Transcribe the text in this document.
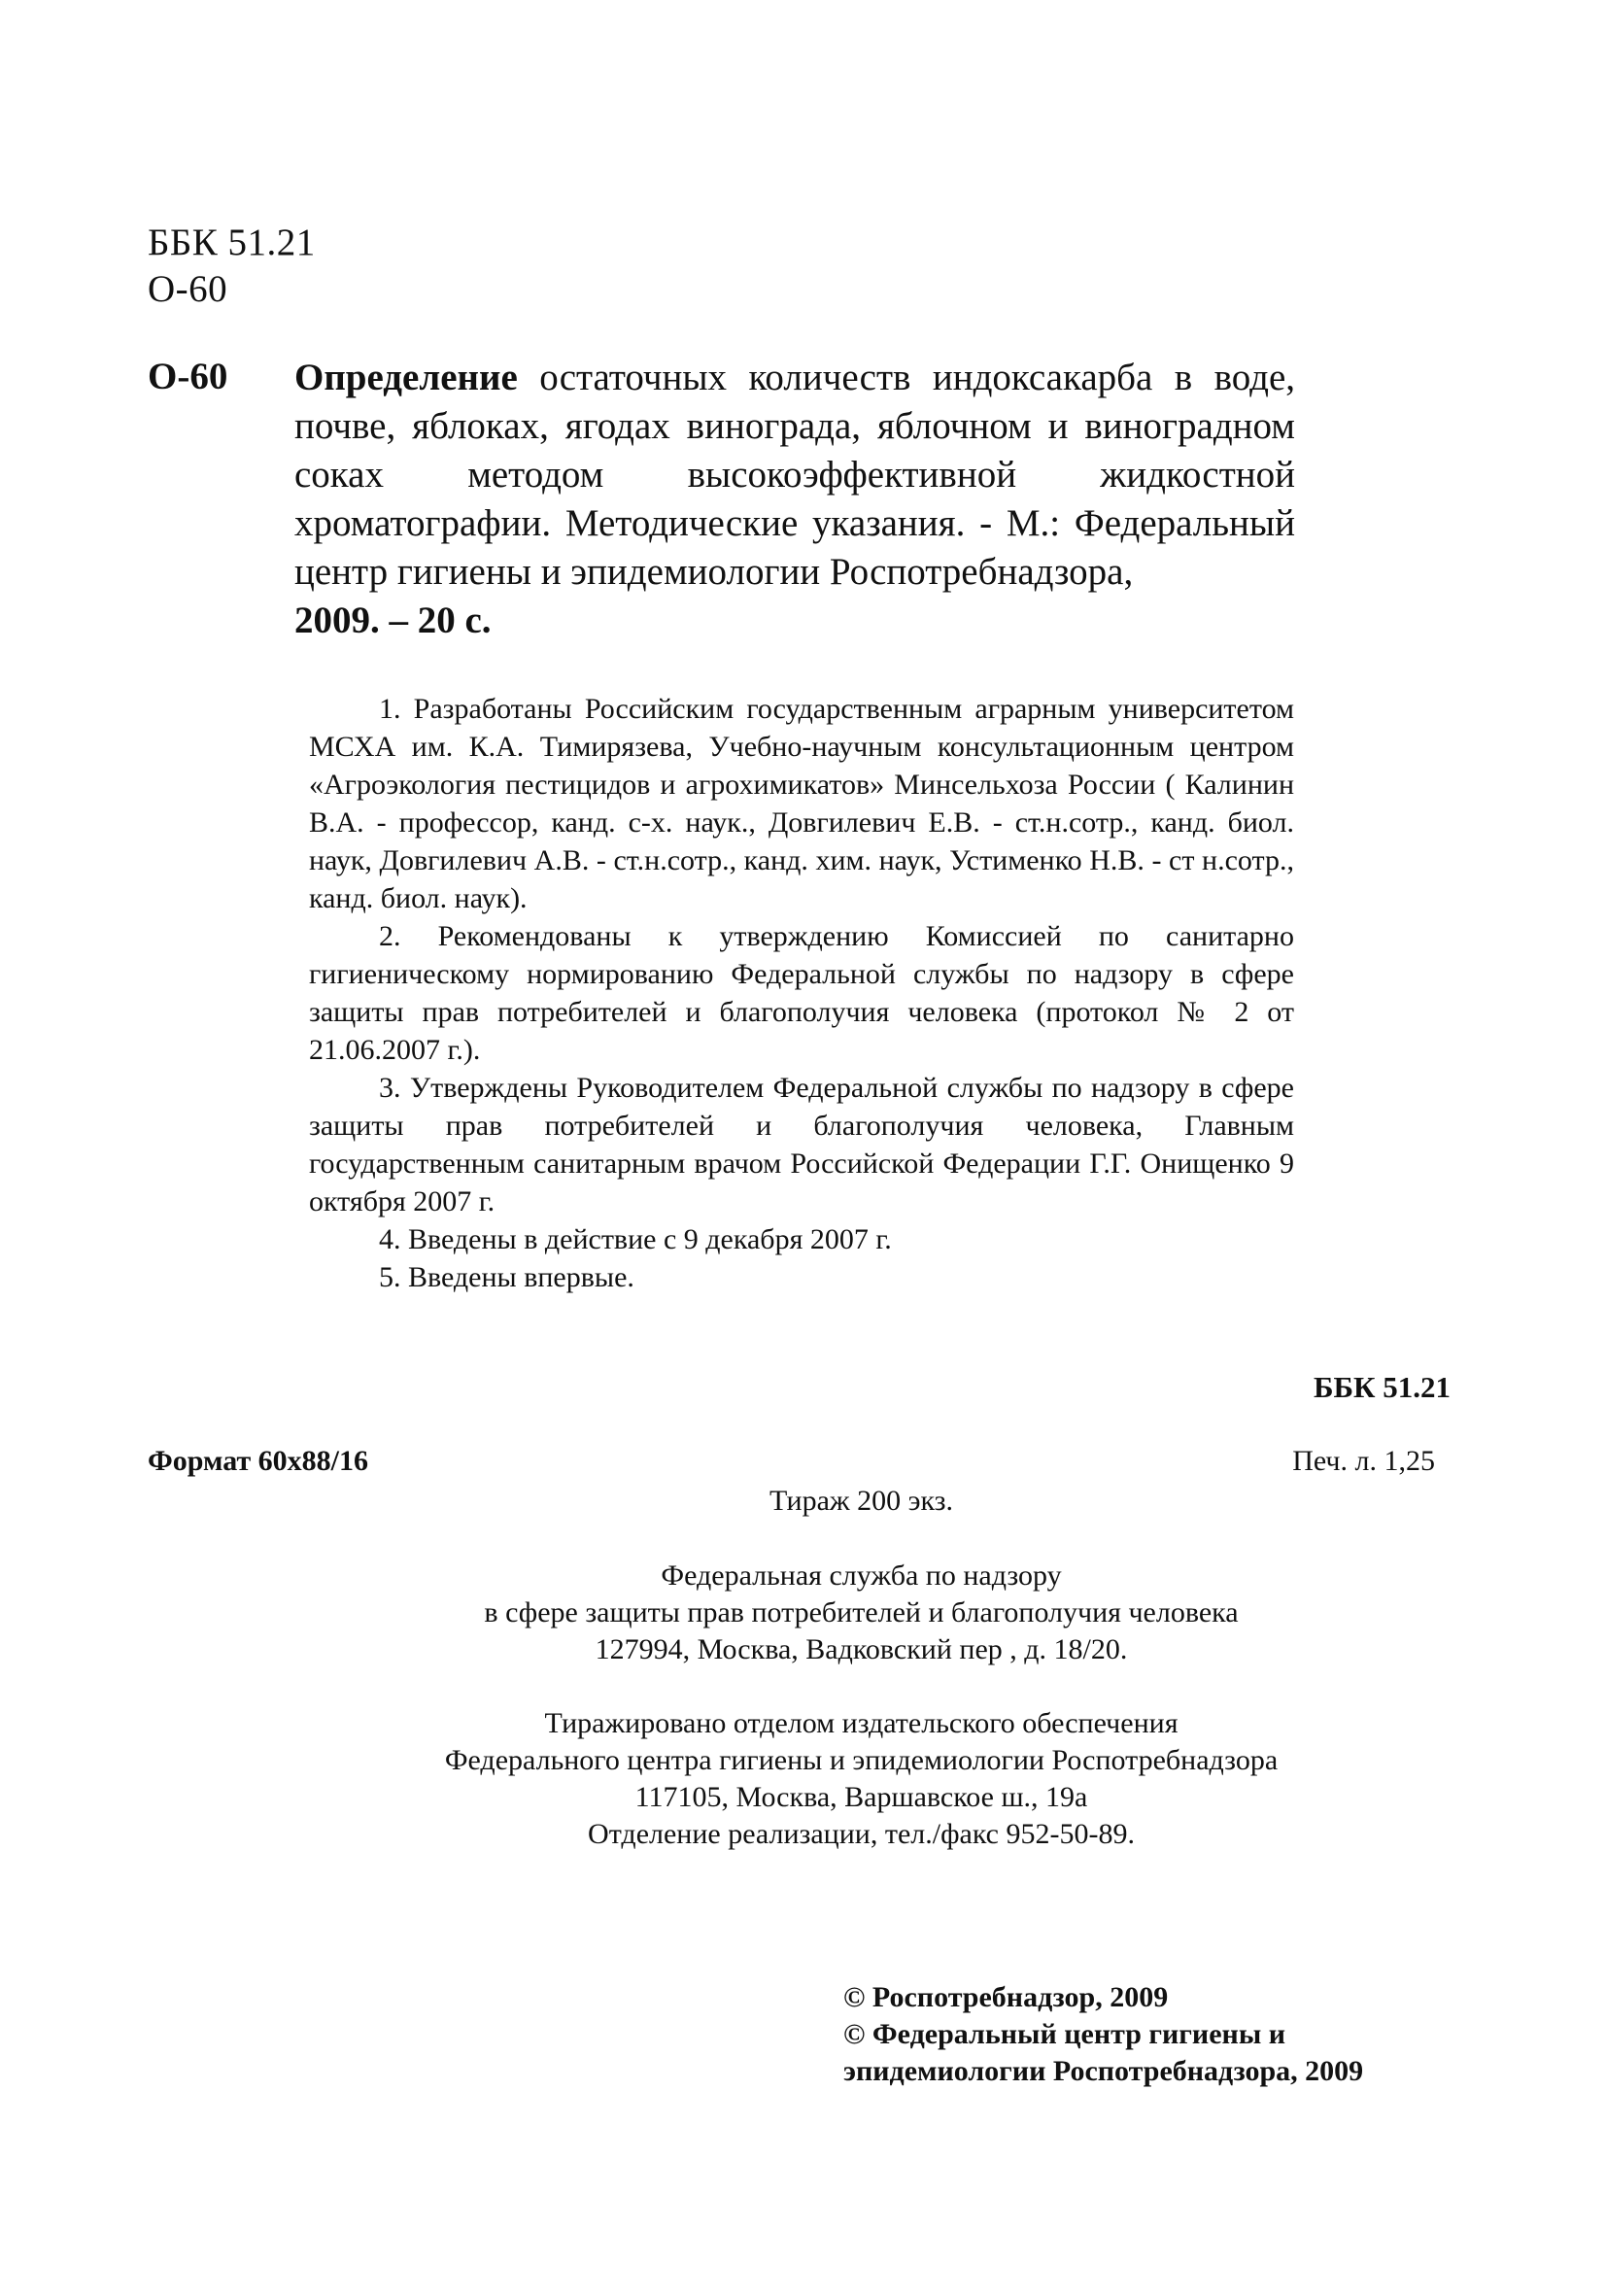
ББК 51.21
О-60
О-60 Определение остаточных количеств индоксакарба в воде, почве, яблоках, ягодах винограда, яблочном и виноградном соках методом высокоэффективной жидкостной хроматографии. Методические указания. - М.: Федеральный центр гигиены и эпидемиологии Роспотребнадзора,
2009. – 20 с.

1. Разработаны Российским государственным аграрным университетом МСХА им. К.А. Тимирязева, Учебно-научным консультационным центром «Агроэкология пестицидов и агрохимикатов» Минсельхоза России ( Калинин В.А. - профессор, канд. с-х. наук., Довгилевич Е.В. - ст.н.сотр., канд. биол. наук, Довгилевич А.В. - ст.н.сотр., канд. хим. наук, Устименко Н.В. - ст н.сотр., канд. биол. наук).

2. Рекомендованы к утверждению Комиссией по санитарно гигиеническому нормированию Федеральной службы по надзору в сфере защиты прав потребителей и благополучия человека (протокол № 2 от 21.06.2007 г.).

3. Утверждены Руководителем Федеральной службы по надзору в сфере защиты прав потребителей и благополучия человека, Главным государственным санитарным врачом Российской Федерации Г.Г. Онищенко 9 октября 2007 г.

4. Введены в действие с 9 декабря 2007 г.

5. Введены впервые.

ББК 51.21
Формат 60x88/16	Печ. л. 1,25
Тираж 200 экз.
Федеральная служба по надзору
в сфере защиты прав потребителей и благополучия человека
127994, Москва, Вадковский пер , д. 18/20.
Тиражировано отделом издательского обеспечения
Федерального центра гигиены и эпидемиологии Роспотребнадзора
117105, Москва, Варшавское ш., 19а
Отделение реализации, тел./факс 952-50-89.
© Роспотребнадзор, 2009
© Федеральный центр гигиены и
эпидемиологии Роспотребнадзора, 2009
